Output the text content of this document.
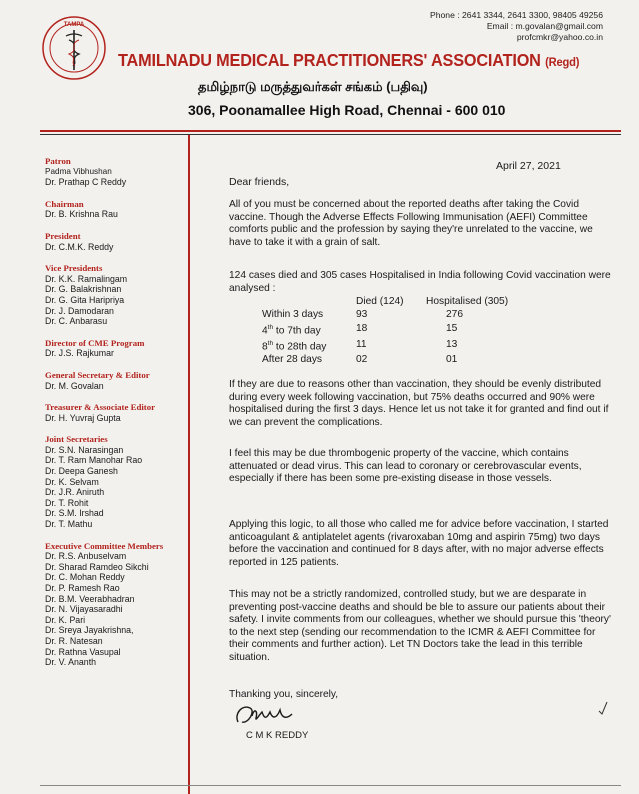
Phone : 2641 3344, 2641 3300, 98405 49256
Email : m.govalan@gmail.com
profcmkr@yahoo.co.in
TAMPA
TAMILNADU MEDICAL PRACTITIONERS' ASSOCIATION (Regd)
தமிழ்நாடு மருத்துவர்கள் சங்கம் (பதிவு)
306, Poonamallee High Road, Chennai - 600 010
Patron
Padma Vibhushan
Dr. Prathap C Reddy
Chairman
Dr. B. Krishna Rau
President
Dr. C.M.K. Reddy
Vice Presidents
Dr. K.K. Ramalingam
Dr. G. Balakrishnan
Dr. G. Gita Haripriya
Dr. J. Damodaran
Dr. C. Anbarasu
Director of CME Program
Dr. J.S. Rajkumar
General Secretary & Editor
Dr. M. Govalan
Treasurer & Associate Editor
Dr. H. Yuvraj Gupta
Joint Secretaries
Dr. S.N. Narasingan
Dr. T. Ram Manohar Rao
Dr. Deepa Ganesh
Dr. K. Selvam
Dr. J.R. Aniruth
Dr. T. Rohit
Dr. S.M. Irshad
Dr. T. Mathu
Executive Committee Members
Dr. R.S. Anbuselvam
Dr. Sharad Ramdeo Sikchi
Dr. C. Mohan Reddy
Dr. P. Ramesh Rao
Dr. B.M. Veerabhadran
Dr. N. Vijayasaradhi
Dr. K. Pari
Dr. Sreya Jayakrishna,
Dr. R. Natesan
Dr. Rathna Vasupal
Dr. V. Ananth
April 27, 2021
Dear friends,
All of you must be concerned about the reported deaths after taking the Covid vaccine. Though the Adverse Effects Following Immunisation (AEFI) Committee comforts public and the profession by saying they're unrelated to the vaccine, we have to take it with a grain of salt.
124 cases died and 305 cases Hospitalised in India following Covid vaccination were analysed :
	Died (124)	Hospitalised (305)
Within 3 days	93	276
4th to 7th day	18	15
8th to 28th day	11	13
After 28 days	02	01
If they are due to reasons other than vaccination, they should be evenly distributed during every week following vaccination, but 75% deaths occurred and 90% were hospitalised during the first 3 days. Hence let us not take it for granted and find out if we can prevent the complications.
I feel this may be due thrombogenic property of the vaccine, which contains attenuated or dead virus. This can lead to coronary or cerebrovascular events, especially if there has been some pre-existing disease in those vessels.
Applying this logic, to all those who called me for advice before vaccination, I started anticoagulant & antiplatelet agents (rivaroxaban 10mg and aspirin 75mg) two days before the vaccination and continued for 8 days after, with no major adverse effects reported in 125 patients.
This may not be a strictly randomized, controlled study, but we are desparate in preventing post-vaccine deaths and should be ble to assure our patients about their safety. I invite comments from our colleagues, whether we should pursue this 'theory' to the next step (sending our recommendation to the ICMR & AEFI Committee for their comments and further action). Let TN Doctors take the lead in this terrible situation.
Thanking you, sincerely,
C M K REDDY
